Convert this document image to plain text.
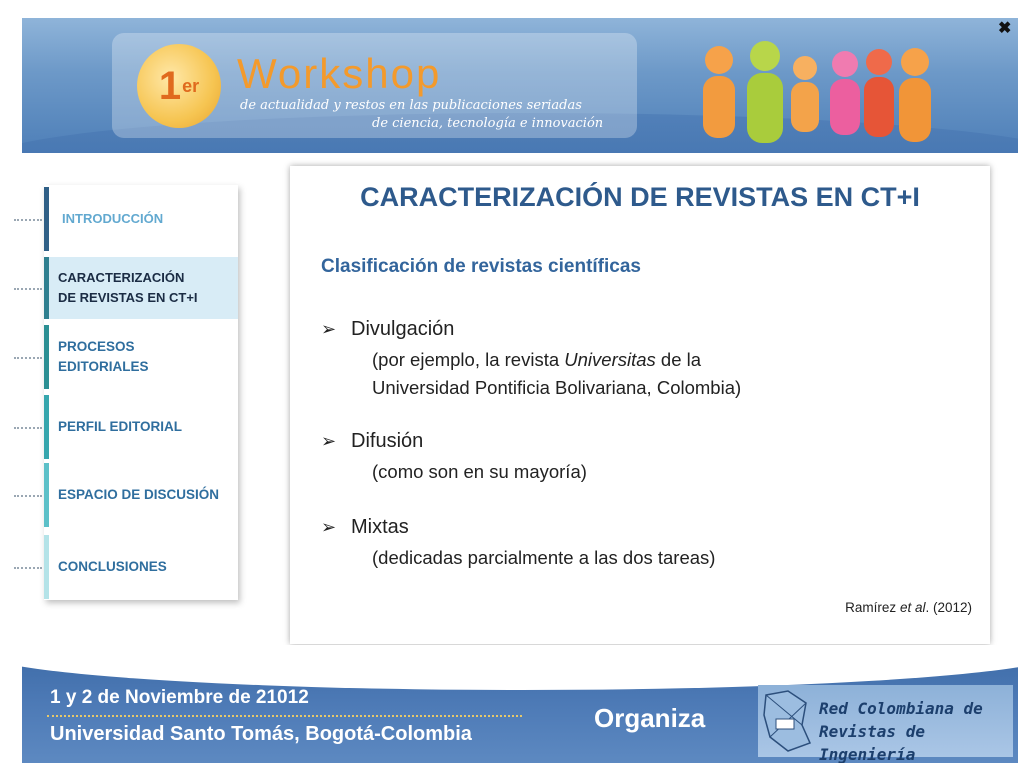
1 er Workshop
de actualidad y restos en las publicaciones seriadas
de ciencia, tecnología e innovación
✖
INTRODUCCIÓN
CARACTERIZACIÓN
DE REVISTAS EN CT+I
PROCESOS
EDITORIALES
PERFIL EDITORIAL
ESPACIO DE DISCUSIÓN
CONCLUSIONES
CARACTERIZACIÓN DE REVISTAS EN CT+I
Clasificación de revistas científicas
➢ Divulgación
(por ejemplo, la revista Universitas de la
Universidad Pontificia Bolivariana, Colombia)
➢ Difusión
(como son en su mayoría)
➢ Mixtas
(dedicadas parcialmente a las dos tareas)
Ramírez et al. (2012)
1 y 2 de Noviembre de 21012
Universidad Santo Tomás, Bogotá-Colombia
Organiza	Red Colombiana de
Revistas de Ingeniería
